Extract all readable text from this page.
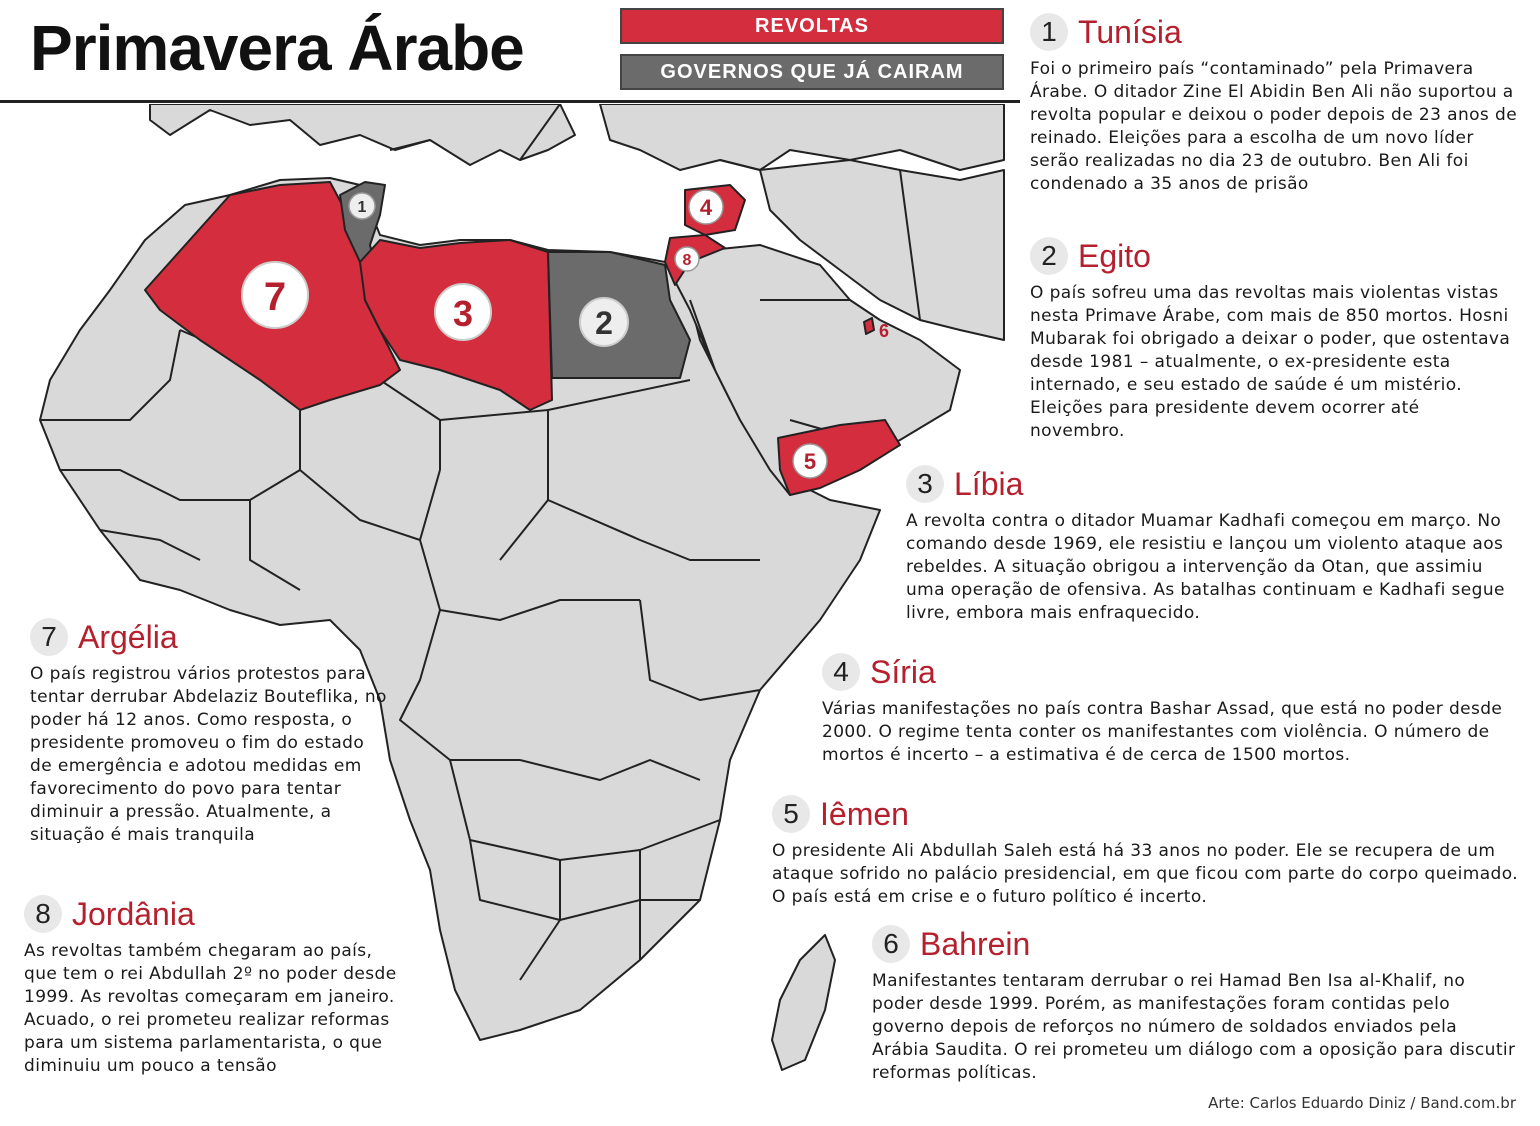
Primavera Árabe	REVOLTAS
GOVERNOS QUE JÁ CAIRAM
7	3	2
1	4
8
5
6
1 Tunísia
Foi o primeiro país “contaminado” pela Primavera Árabe. O ditador Zine El Abidin Ben Ali não suportou a revolta popular e deixou o poder depois de 23 anos de reinado. Eleições para a escolha de um novo líder serão realizadas no dia 23 de outubro. Ben Ali foi condenado a 35 anos de prisão
2 Egito
O país sofreu uma das revoltas mais violentas vistas nesta Primave Árabe, com mais de 850 mortos. Hosni Mubarak foi obrigado a deixar o poder, que ostentava desde 1981 – atualmente, o ex-presidente esta internado, e seu estado de saúde é um mistério. Eleições para presidente devem ocorrer até novembro.
3 Líbia
A revolta contra o ditador Muamar Kadhafi começou em março. No comando desde 1969, ele resistiu e lançou um violento ataque aos rebeldes. A situação obrigou a intervenção da Otan, que assimiu uma operação de ofensiva. As batalhas continuam e Kadhafi segue livre, embora mais enfraquecido.
4 Síria
Várias manifestações no país contra Bashar Assad, que está no poder desde 2000. O regime tenta conter os manifestantes com violência. O número de mortos é incerto – a estimativa é de cerca de 1500 mortos.
5 Iêmen
O presidente Ali Abdullah Saleh está há 33 anos no poder. Ele se recupera de um ataque sofrido no palácio presidencial, em que ficou com parte do corpo queimado. O país está em crise e o futuro político é incerto.
6 Bahrein
Manifestantes tentaram derrubar o rei Hamad Ben Isa al-Khalif, no poder desde 1999. Porém, as manifestações foram contidas pelo governo depois de reforços no número de soldados enviados pela Arábia Saudita. O rei prometeu um diálogo com a oposição para discutir reformas políticas.
7 Argélia
O país registrou vários protestos para tentar derrubar Abdelaziz Bouteflika, no poder há 12 anos. Como resposta, o presidente promoveu o fim do estado de emergência e adotou medidas em favorecimento do povo para tentar diminuir a pressão. Atualmente, a situação é mais tranquila
8 Jordânia
As revoltas também chegaram ao país, que tem o rei Abdullah 2º no poder desde 1999. As revoltas começaram em janeiro. Acuado, o rei prometeu realizar reformas para um sistema parlamentarista, o que diminuiu um pouco a tensão
Arte: Carlos Eduardo Diniz / Band.com.br
